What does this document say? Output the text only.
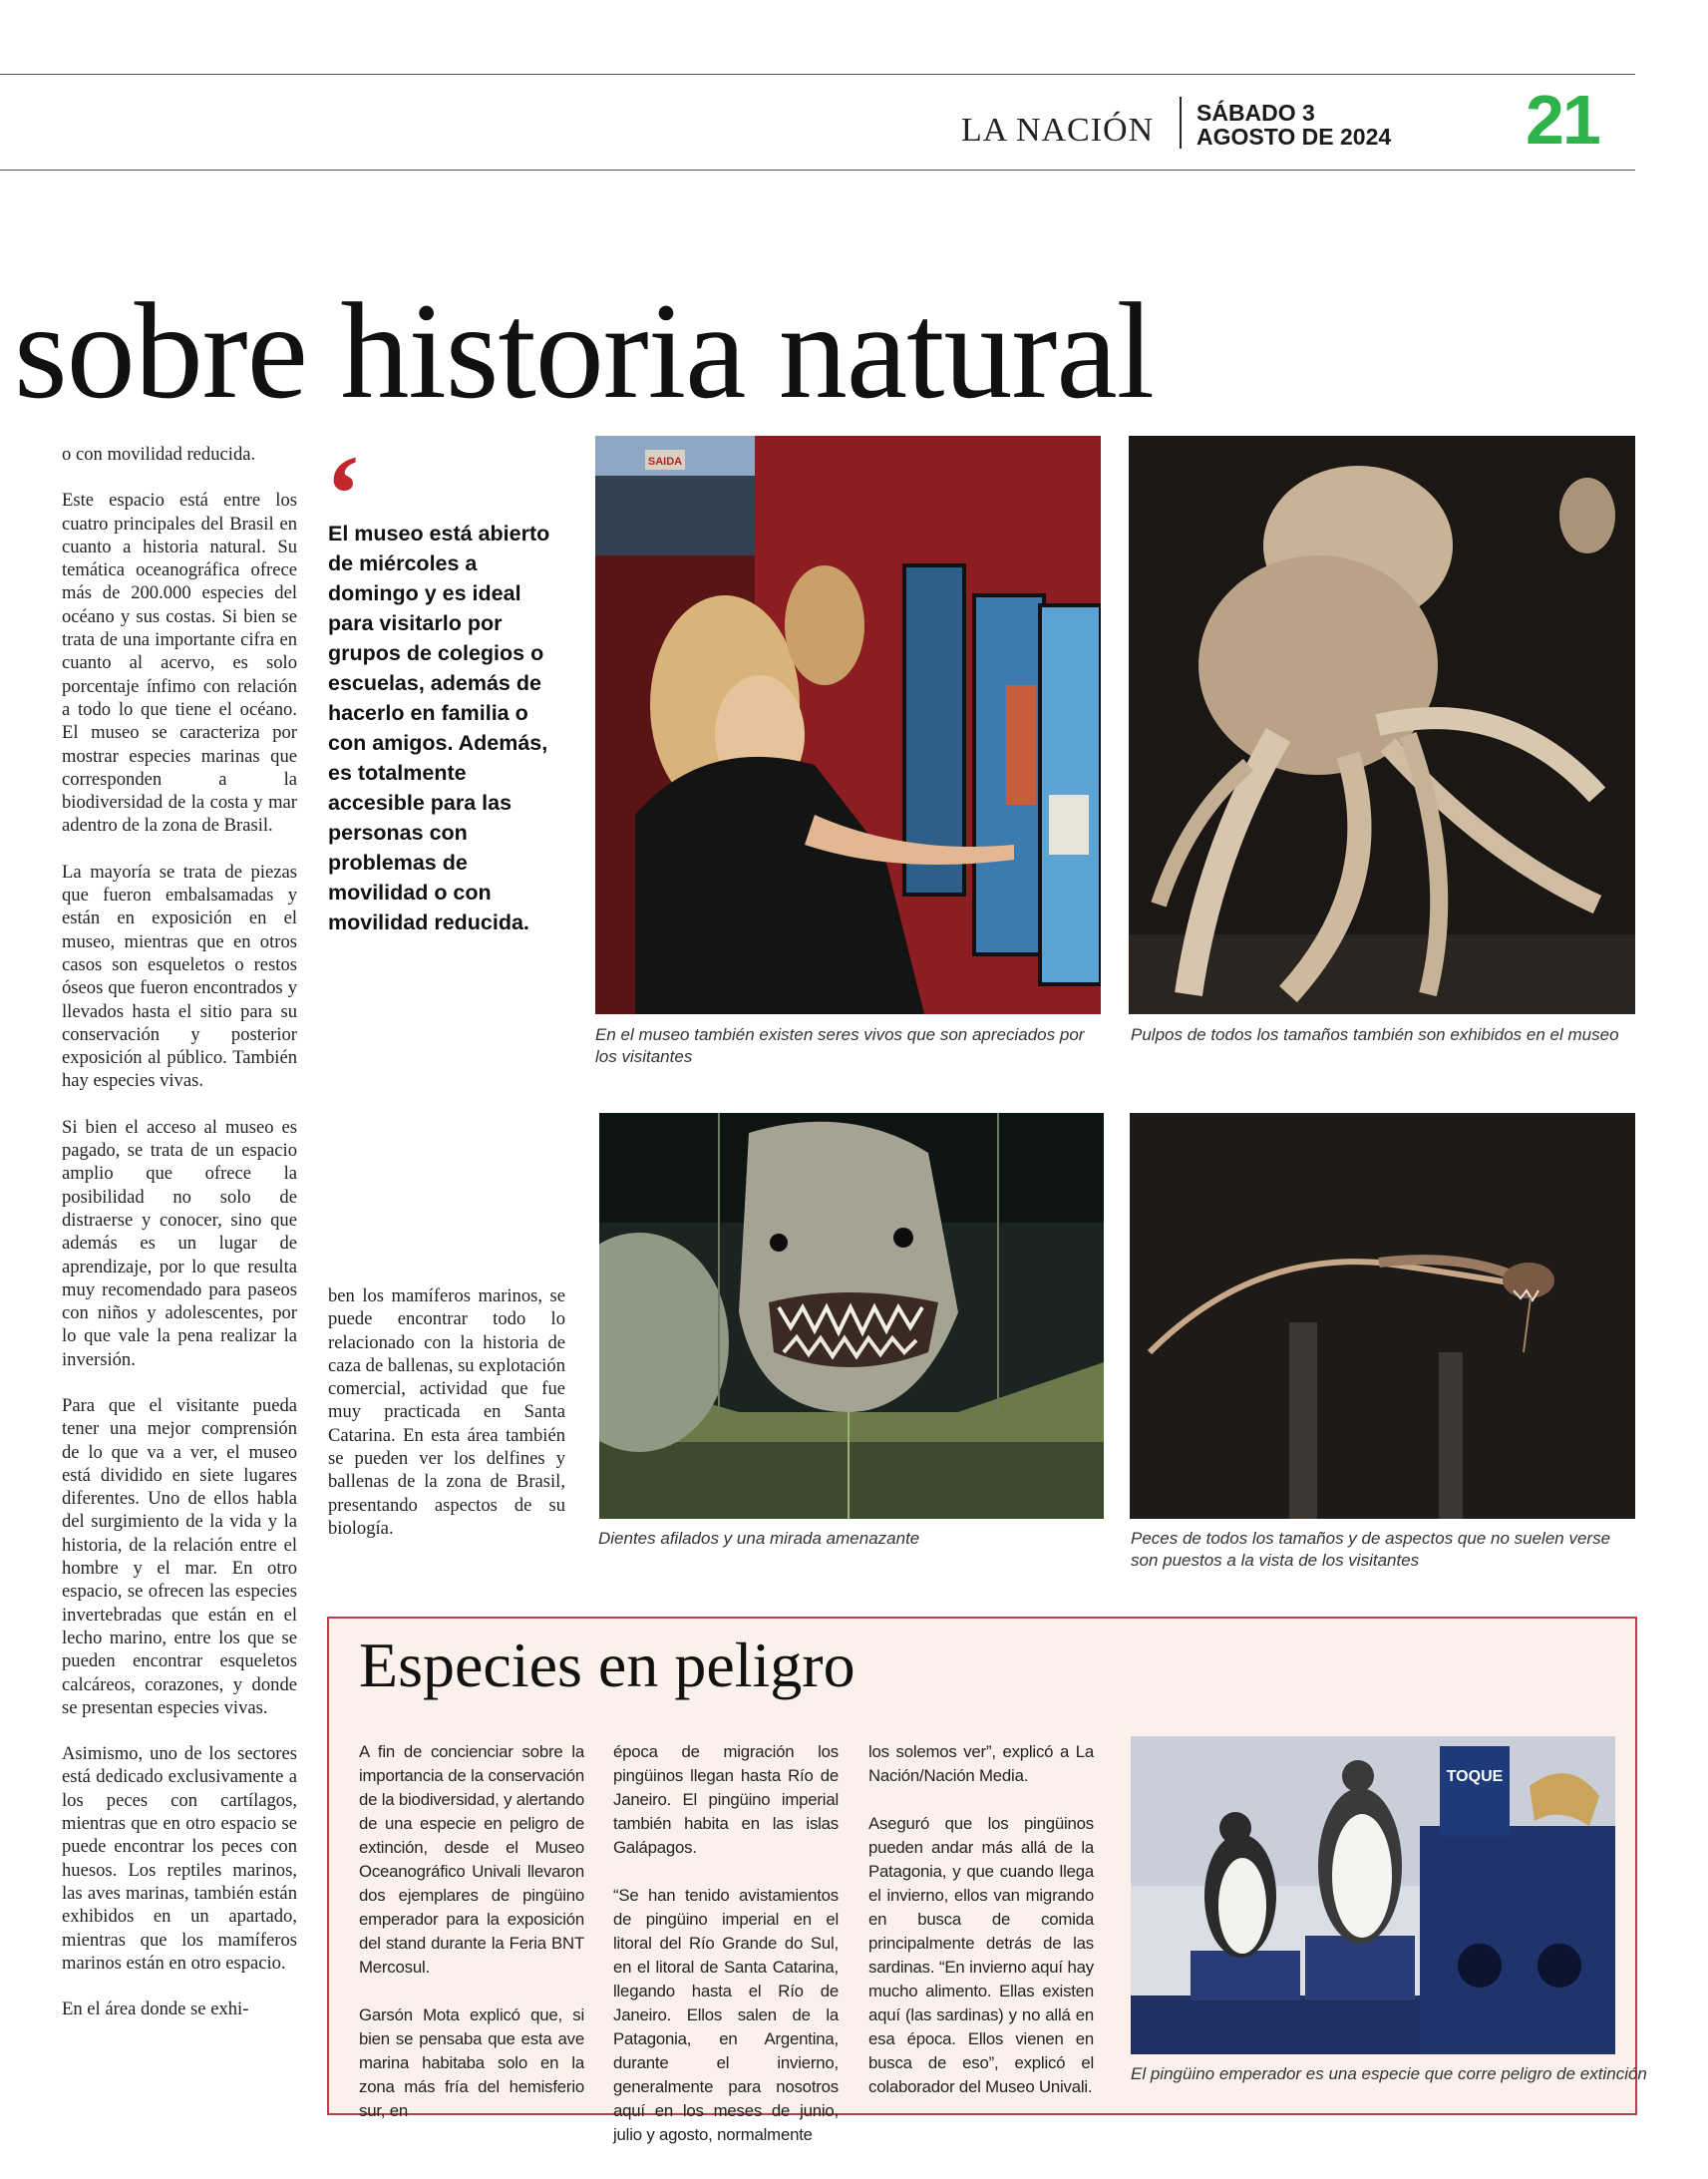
LA NACIÓN SÁBADO 3
AGOSTO DE 2024 21
sobre historia natural

o con movilidad reducida.

Este espacio está entre los cuatro principales del Brasil en cuanto a historia natural. Su temática oceanográfica ofrece más de 200.000 especies del océano y sus costas. Si bien se trata de una importante cifra en cuanto al acervo, es solo porcentaje ínfimo con relación a todo lo que tiene el océano. El museo se caracteriza por mostrar especies marinas que corresponden a la biodiversidad de la costa y mar adentro de la zona de Brasil.

La mayoría se trata de piezas que fueron embalsamadas y están en exposición en el museo, mientras que en otros casos son esqueletos o restos óseos que fueron encontrados y llevados hasta el sitio para su conservación y posterior exposición al público. También hay especies vivas.

Si bien el acceso al museo es pagado, se trata de un espacio amplio que ofrece la posibilidad no solo de distraerse y conocer, sino que además es un lugar de aprendizaje, por lo que resulta muy recomendado para paseos con niños y adolescentes, por lo que vale la pena realizar la inversión.

Para que el visitante pueda tener una mejor comprensión de lo que va a ver, el museo está dividido en siete lugares diferentes. Uno de ellos habla del surgimiento de la vida y la historia, de la relación entre el hombre y el mar. En otro espacio, se ofrecen las especies invertebradas que están en el lecho marino, entre los que se pueden encontrar esqueletos calcáreos, corazones, y donde se presentan especies vivas.

Asimismo, uno de los sectores está dedicado exclusivamente a los peces con cartílagos, mientras que en otro espacio se puede encontrar los peces con huesos. Los reptiles marinos, las aves marinas, también están exhibidos en un apartado, mientras que los mamíferos marinos están en otro espacio.

En el área donde se exhi-

‘
El museo está abierto de miércoles a domingo y es ideal para visitarlo por grupos de colegios o escuelas, además de hacerlo en familia o con amigos. Además, es totalmente accesible para las personas con problemas de movilidad o con movilidad reducida.

ben los mamíferos marinos, se puede encontrar todo lo relacionado con la historia de caza de ballenas, su explotación comercial, actividad que fue muy practicada en Santa Catarina. En esta área también se pueden ver los delfines y ballenas de la zona de Brasil, presentando aspectos de su biología.

SAIDA
En el museo también existen seres vivos que son apreciados por los visitantes
Pulpos de todos los tamaños también son exhibidos en el museo
Dientes afilados y una mirada amenazante	Peces de todos los tamaños y de aspectos que no suelen verse son puestos a la vista de los visitantes
Especies en peligro

A fin de concienciar sobre la importancia de la conservación de la biodiversidad, y alertando de una especie en peligro de extinción, desde el Museo Oceanográfico Univali llevaron dos ejemplares de pingüino emperador para la exposición del stand durante la Feria BNT Mercosul.

Garsón Mota explicó que, si bien se pensaba que esta ave marina habitaba solo en la zona más fría del hemisferio sur, en

época de migración los pingüinos llegan hasta Río de Janeiro. El pingüino imperial también habita en las islas Galápagos.

“Se han tenido avistamientos de pingüino imperial en el litoral del Río Grande do Sul, en el litoral de Santa Catarina, llegando hasta el Río de Janeiro. Ellos salen de la Patagonia, en Argentina, durante el invierno, generalmente para nosotros aquí en los meses de junio, julio y agosto, normalmente

los solemos ver”, explicó a La Nación/Nación Media.

Aseguró que los pingüinos pueden andar más allá de la Patagonia, y que cuando llega el invierno, ellos van migrando en busca de comida principalmente detrás de las sardinas. “En invierno aquí hay mucho alimento. Ellas existen aquí (las sardinas) y no allá en esa época. Ellos vienen en busca de eso”, explicó el colaborador del Museo Univali.

TOQUE
El pingüino emperador es una especie que corre peligro de extinción
